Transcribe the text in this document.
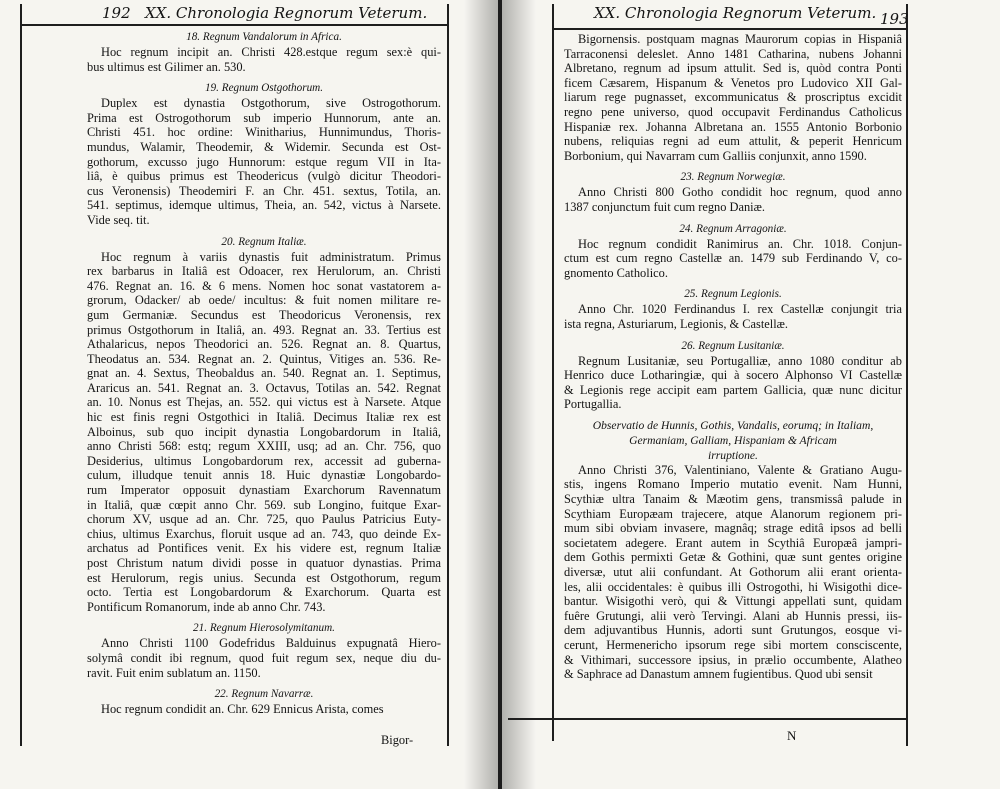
192 XX. Chronologia Regnorum Veterum.
18. Regnum Vandalorum in Africa.
Hoc regnum incipit an. Christi 428.estque regum sex:è qui-
bus ultimus est Gilimer an. 530.
19. Regnum Ostgothorum.
Duplex est dynastia Ostgothorum, sive Ostrogothorum.
Prima est Ostrogothorum sub imperio Hunnorum, ante an.
Christi 451. hoc ordine: Winitharius, Hunnimundus, Thoris-
mundus, Walamir, Theodemir, & Widemir. Secunda est Ost-
gothorum, excusso jugo Hunnorum: estque regum VII in Ita-
liâ, è quibus primus est Theodericus (vulgò dicitur Theodori-
cus Veronensis) Theodemiri F. an Chr. 451. sextus, Totila, an.
541. septimus, idemque ultimus, Theia, an. 542, victus à Narsete.
Vide seq. tit.
20. Regnum Italiæ.
Hoc regnum à variis dynastis fuit administratum. Primus
rex barbarus in Italiâ est Odoacer, rex Herulorum, an. Christi
476. Regnat an. 16. & 6 mens. Nomen hoc sonat vastatorem a-
grorum, Odacker/ ab oede/ incultus: & fuit nomen militare re-
gum Germaniæ. Secundus est Theodoricus Veronensis, rex
primus Ostgothorum in Italiâ, an. 493. Regnat an. 33. Tertius est
Athalaricus, nepos Theodorici an. 526. Regnat an. 8. Quartus,
Theodatus an. 534. Regnat an. 2. Quintus, Vitiges an. 536. Re-
gnat an. 4. Sextus, Theobaldus an. 540. Regnat an. 1. Septimus,
Araricus an. 541. Regnat an. 3. Octavus, Totilas an. 542. Regnat
an. 10. Nonus est Thejas, an. 552. qui victus est à Narsete. Atque
hic est finis regni Ostgothici in Italiâ. Decimus Italiæ rex est
Alboinus, sub quo incipit dynastia Longobardorum in Italiâ,
anno Christi 568: estq; regum XXIII, usq; ad an. Chr. 756, quo
Desiderius, ultimus Longobardorum rex, accessit ad guberna-
culum, illudque tenuit annis 18. Huic dynastiæ Longobardo-
rum Imperator opposuit dynastiam Exarchorum Ravennatum
in Italiâ, quæ cœpit anno Chr. 569. sub Longino, fuitque Exar-
chorum XV, usque ad an. Chr. 725, quo Paulus Patricius Euty-
chius, ultimus Exarchus, floruit usque ad an. 743, quo deinde Ex-
archatus ad Pontifices venit. Ex his videre est, regnum Italiæ
post Christum natum dividi posse in quatuor dynastias. Prima
est Herulorum, regis unius. Secunda est Ostgothorum, regum
octo. Tertia est Longobardorum & Exarchorum. Quarta est
Pontificum Romanorum, inde ab anno Chr. 743.
21. Regnum Hierosolymitanum.
Anno Christi 1100 Godefridus Balduinus expugnatâ Hiero-
solymâ condit ibi regnum, quod fuit regum sex, neque diu du-
ravit. Fuit enim sublatum an. 1150.
22. Regnum Navarræ.
Hoc regnum condidit an. Chr. 629 Ennicus Arista, comes
Bigor-
XX. Chronologia Regnorum Veterum. 193
Bigornensis. postquam magnas Maurorum copias in Hispaniâ
Tarraconensi deleslet. Anno 1481 Catharina, nubens Johanni
Albretano, regnum ad ipsum attulit. Sed is, quòd contra Ponti
ficem Cæsarem, Hispanum & Venetos pro Ludovico XII Gal-
liarum rege pugnasset, excommunicatus & proscriptus excidit
regno pene universo, quod occupavit Ferdinandus Catholicus
Hispaniæ rex. Johanna Albretana an. 1555 Antonio Borbonio
nubens, reliquias regni ad eum attulit, & peperit Henricum
Borbonium, qui Navarram cum Galliis conjunxit, anno 1590.
23. Regnum Norwegiæ.
Anno Christi 800 Gotho condidit hoc regnum, quod anno
1387 conjunctum fuit cum regno Daniæ.
24. Regnum Arragoniæ.
Hoc regnum condidit Ranimirus an. Chr. 1018. Conjun-
ctum est cum regno Castellæ an. 1479 sub Ferdinando V, co-
gnomento Catholico.
25. Regnum Legionis.
Anno Chr. 1020 Ferdinandus I. rex Castellæ conjungit tria
ista regna, Asturiarum, Legionis, & Castellæ.
26. Regnum Lusitaniæ.
Regnum Lusitaniæ, seu Portugalliæ, anno 1080 conditur ab
Henrico duce Lotharingiæ, qui à socero Alphonso VI Castellæ
& Legionis rege accipit eam partem Gallicia, quæ nunc dicitur
Portugallia.
Observatio de Hunnis, Gothis, Vandalis, eorumq; in Italiam,
Germaniam, Galliam, Hispaniam & Africam
irruptione.
Anno Christi 376, Valentiniano, Valente & Gratiano Augu-
stis, ingens Romano Imperio mutatio evenit. Nam Hunni,
Scythiæ ultra Tanaim & Mæotim gens, transmissâ palude in
Scythiam Europæam trajecere, atque Alanorum regionem pri-
mum sibi obviam invasere, magnâq; strage editâ ipsos ad belli
societatem adegere. Erant autem in Scythiâ Europæâ jampri-
dem Gothis permixti Getæ & Gothini, quæ sunt gentes origine
diversæ, utut alii confundant. At Gothorum alii erant orienta-
les, alii occidentales: è quibus illi Ostrogothi, hi Wisigothi dice-
bantur. Wisigothi verò, qui & Vittungi appellati sunt, quidam
fuêre Grutungi, alii verò Tervingi. Alani ab Hunnis pressi, iis-
dem adjuvantibus Hunnis, adorti sunt Grutungos, eosque vi-
cerunt, Hermenericho ipsorum rege sibi mortem consciscente,
& Vithimari, successore ipsius, in prælio occumbente, Alatheo
& Saphrace ad Danastum amnem fugientibus. Quod ubi sensit
N
